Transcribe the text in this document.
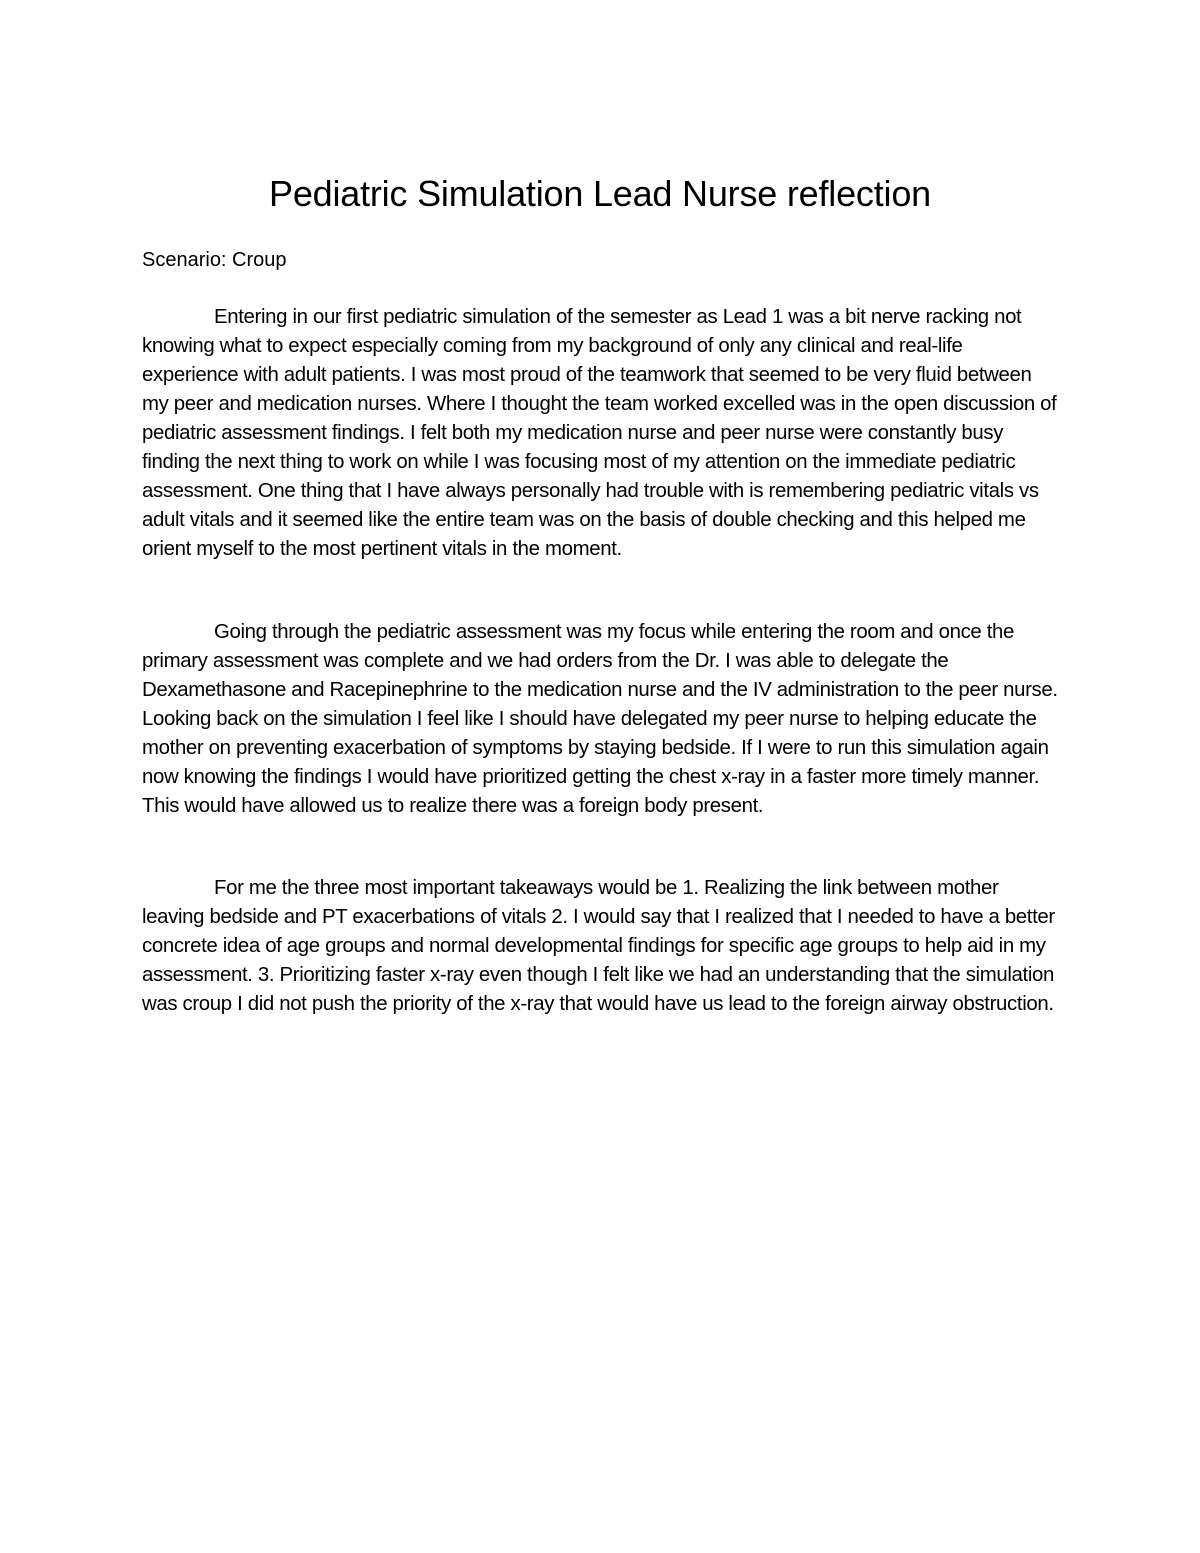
Pediatric Simulation Lead Nurse reflection

Scenario: Croup

Entering in our first pediatric simulation of the semester as Lead 1 was a bit nerve racking not knowing what to expect especially coming from my background of only any clinical and real-life experience with adult patients. I was most proud of the teamwork that seemed to be very fluid between my peer and medication nurses. Where I thought the team worked excelled was in the open discussion of pediatric assessment findings. I felt both my medication nurse and peer nurse were constantly busy finding the next thing to work on while I was focusing most of my attention on the immediate pediatric assessment. One thing that I have always personally had trouble with is remembering pediatric vitals vs adult vitals and it seemed like the entire team was on the basis of double checking and this helped me orient myself to the most pertinent vitals in the moment.

Going through the pediatric assessment was my focus while entering the room and once the primary assessment was complete and we had orders from the Dr. I was able to delegate the Dexamethasone and Racepinephrine to the medication nurse and the IV administration to the peer nurse. Looking back on the simulation I feel like I should have delegated my peer nurse to helping educate the mother on preventing exacerbation of symptoms by staying bedside. If I were to run this simulation again now knowing the findings I would have prioritized getting the chest x-ray in a faster more timely manner. This would have allowed us to realize there was a foreign body present.

For me the three most important takeaways would be 1. Realizing the link between mother leaving bedside and PT exacerbations of vitals 2. I would say that I realized that I needed to have a better concrete idea of age groups and normal developmental findings for specific age groups to help aid in my assessment. 3. Prioritizing faster x-ray even though I felt like we had an understanding that the simulation was croup I did not push the priority of the x-ray that would have us lead to the foreign airway obstruction.
